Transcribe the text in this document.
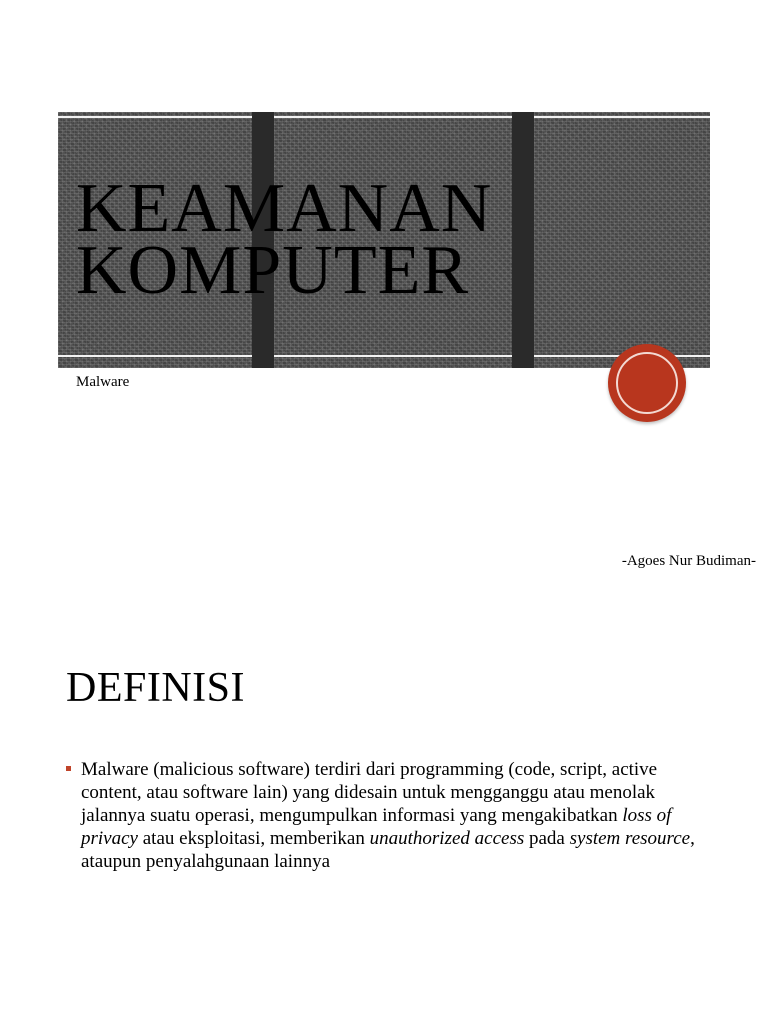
KEAMANAN
KOMPUTER
Malware
-Agoes Nur Budiman-
DEFINISI
Malware (malicious software) terdiri dari programming (code, script, active content, atau software lain) yang didesain untuk mengganggu atau menolak jalannya suatu operasi, mengumpulkan informasi yang mengakibatkan loss of privacy atau eksploitasi, memberikan unauthorized access pada system resource, ataupun penyalahgunaan lainnya
